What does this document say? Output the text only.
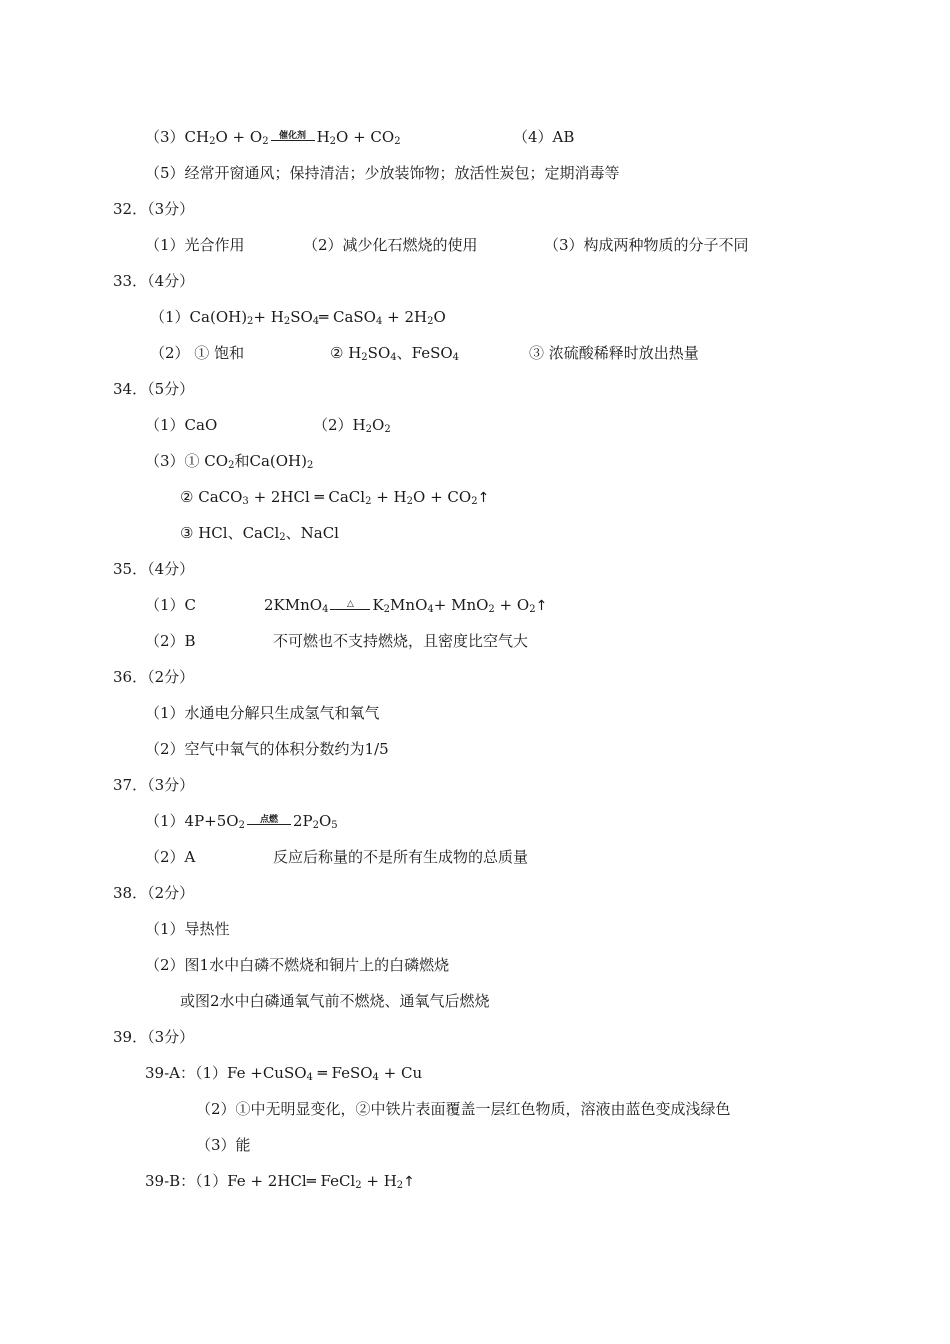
$(3)CH_2O + O_2$	催化剂 $H_2O + CO_2$	（4）AB
（5）经常开窗通风；保持清洁；少放装饰物；放活性炭包；定期消毒等
32．（3分）
（1）光合作用	（2）减少化石燃烧的使用	（3）构成两种物质的分子不同
33．（4分）
$(1)Ca(OH)_2+$ $H_2SO_4═$ CaSO$_4$ + $2H_2O$
（2） ① 饱和	② $H_2SO_4$、FeSO$_4$	③ 浓硫酸稀释时放出热量
34．（5分）
（1）CaO	$(2)H_2O_2$
（3）① $CO_2$和$Ca(OH)_2$
② CaCO$_3$ + 2HCl ═ CaCl$_2$ + $H_2O$ + $CO_2↑$
③ HCl、CaCl$_2$、NaCl
35．（4分）
（1）C	2KMnO$_4$ △ $K_2MnO_4+ MnO_2$ + $O_2↑$
（2）B	不可燃也不支持燃烧，且密度比空气大
36．（2分）
（1）水通电分解只生成氢气和氧气
（2）空气中氧气的体积分数约为1/5
37．（3分）
$(1)4P+5O_2$	点燃	$2P_2O_5$
（2）A	反应后称量的不是所有生成物的总质量
38．（2分）
（1）导热性
（2）图1水中白磷不燃烧和铜片上的白磷燃烧
或图2水中白磷通氧气前不燃烧、通氧气后燃烧
39．（3分）
39-A：（1）Fe +CuSO$_4$ ═ FeSO$_4$ + Cu
（2）①中无明显变化，②中铁片表面覆盖一层红色物质，溶液由蓝色变成浅绿色
（3）能
39-B：（1）Fe + 2HCl═ FeCl$_2$ + $H_2↑$
